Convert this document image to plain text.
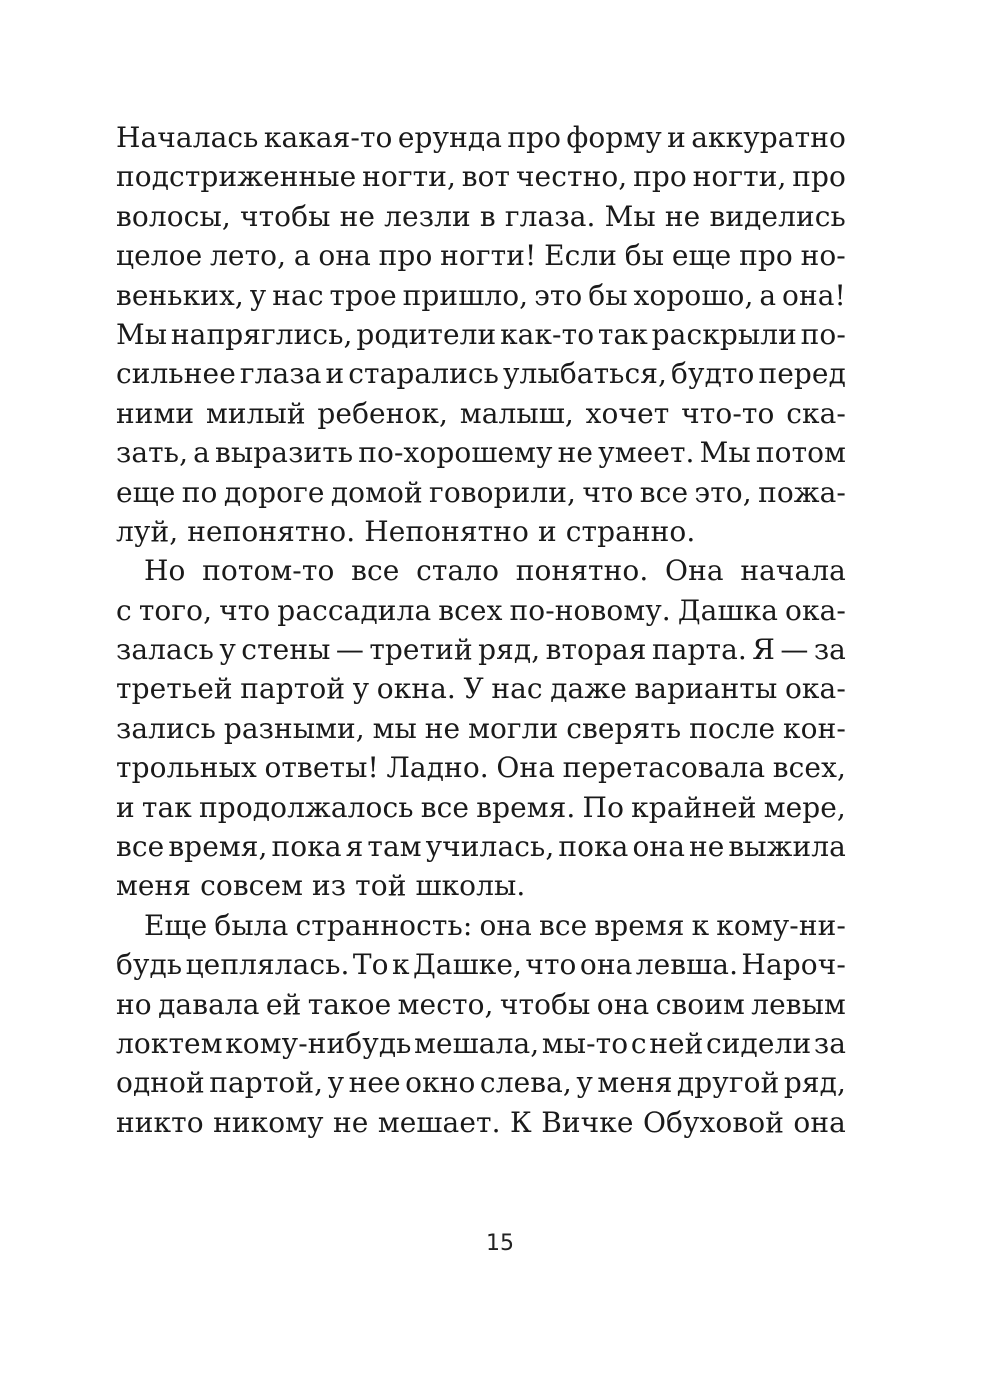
Началась какая-то ерунда про форму и аккуратно
подстриженные ногти, вот честно, про ногти, про
волосы, чтобы не лезли в глаза. Мы не виделись
целое лето, а она про ногти! Если бы еще про но-
веньких, у нас трое пришло, это бы хорошо, а она!
Мы напряглись, родители как-то так раскрыли по-
сильнее глаза и старались улыбаться, будто перед
ними милый ребенок, малыш, хочет что-то ска-
зать, а выразить по-хорошему не умеет. Мы потом
еще по дороге домой говорили, что все это, пожа-
луй, непонятно. Непонятно и странно.
Но потом-то все стало понятно. Она начала
с того, что рассадила всех по-новому. Дашка ока-
залась у стены — третий ряд, вторая парта. Я — за
третьей партой у окна. У нас даже варианты ока-
зались разными, мы не могли сверять после кон-
трольных ответы! Ладно. Она перетасовала всех,
и так продолжалось все время. По крайней мере,
все время, пока я там училась, пока она не выжила
меня совсем из той школы.
Еще была странность: она все время к кому-ни-
будь цеплялась. То к Дашке, что она левша. Нароч-
но давала ей такое место, чтобы она своим левым
локтем кому-нибудь мешала, мы-то с ней сидели за
одной партой, у нее окно слева, у меня другой ряд,
никто никому не мешает. К Вичке Обуховой она
15
